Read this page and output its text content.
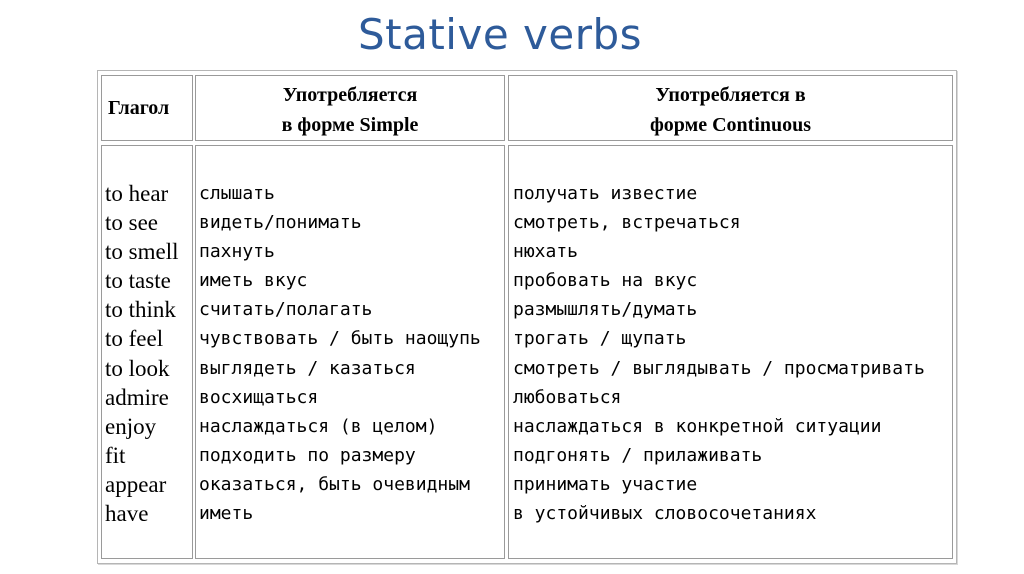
Stative verbs
Глагол
Употребляется
в форме Simple
Употребляется в
форме Continuous
to hear
to see
to smell
to taste
to think
to feel
to look
admire
enjoy
fit
appear
have
слышать
видеть/понимать
пахнуть
иметь вкус
считать/полагать
чувствовать / быть наощупь
выглядеть / казаться
восхищаться
наслаждаться (в целом)
подходить по размеру
оказаться, быть очевидным
иметь
получать известие
смотреть, встречаться
нюхать
пробовать на вкус
размышлять/думать
трогать / щупать
смотреть / выглядывать / просматривать
любоваться
наслаждаться в конкретной ситуации
подгонять / прилаживать
принимать участие
в устойчивых словосочетаниях
